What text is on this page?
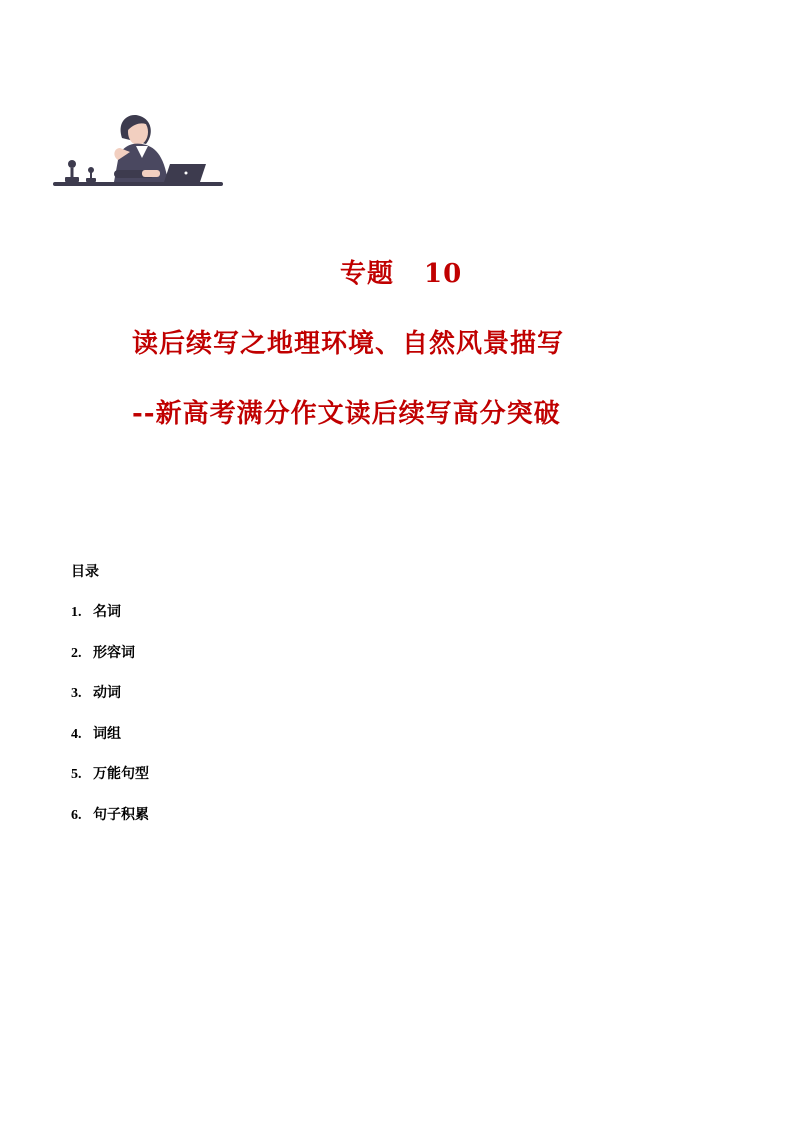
专题 10
读后续写之地理环境、自然风景描写
--新高考满分作文读后续写高分突破
目录
1. 名词
2. 形容词
3. 动词
4. 词组
5. 万能句型
6. 句子积累
